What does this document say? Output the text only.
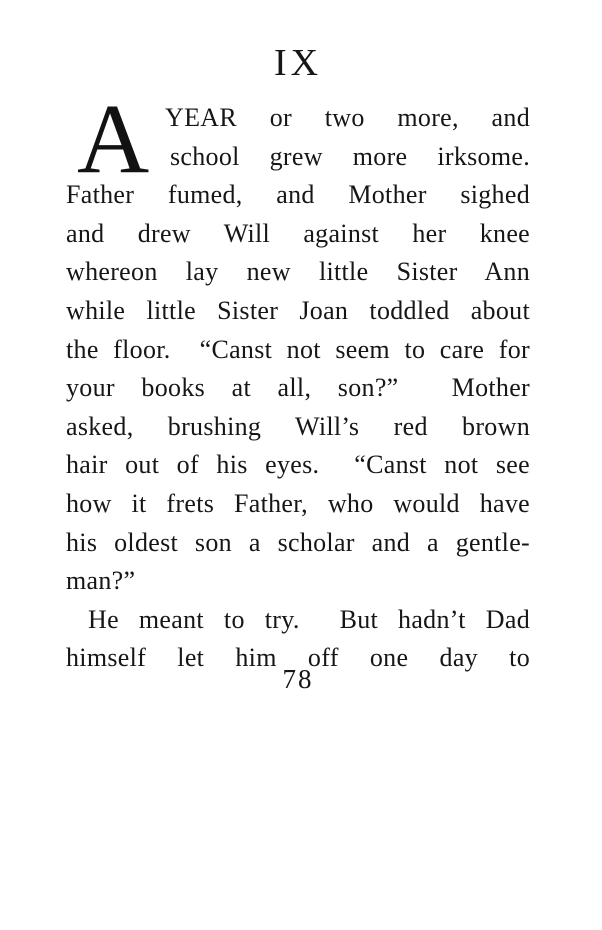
IX
A YEAR or two more, and
school grew more irksome.
Father fumed, and Mother sighed
and drew Will against her knee
whereon lay new little Sister Ann
while little Sister Joan toddled about
the floor.  “Canst not seem to care for
your books at all, son?”  Mother
asked, brushing Will’s red brown
hair out of his eyes.  “Canst not see
how it frets Father, who would have
his oldest son a scholar and a gentle-
man?”
He meant to try.  But hadn’t Dad
himself let him off one day to
78
